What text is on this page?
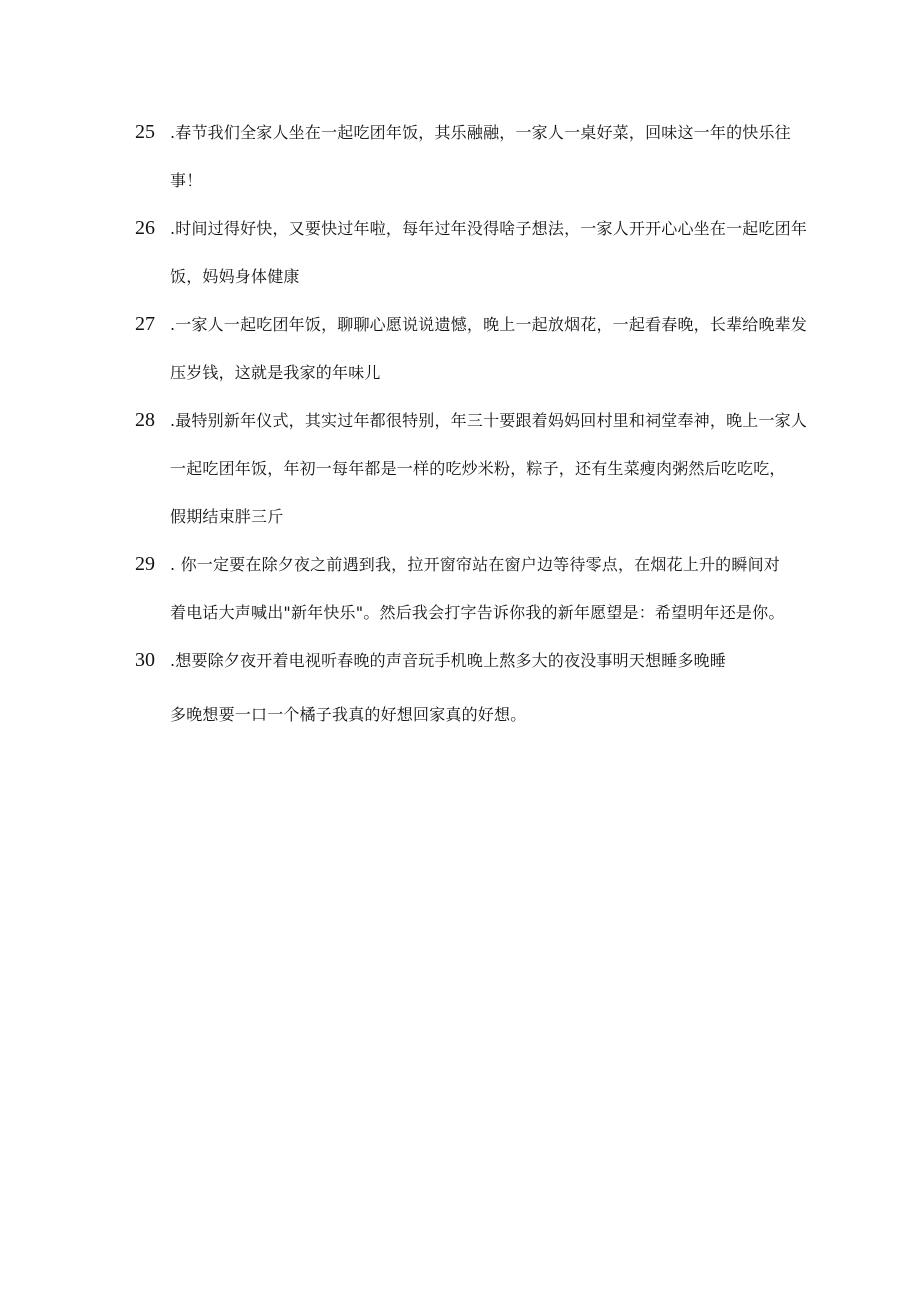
25 .春节我们全家人坐在一起吃团年饭，其乐融融，一家人一桌好菜，回味这一年的快乐往
事！
26 .时间过得好快，又要快过年啦，每年过年没得啥子想法，一家人开开心心坐在一起吃团年
饭，妈妈身体健康
27 .一家人一起吃团年饭，聊聊心愿说说遗憾，晚上一起放烟花，一起看春晚，长辈给晚辈发
压岁钱，这就是我家的年味儿
28 .最特别新年仪式，其实过年都很特别，年三十要跟着妈妈回村里和祠堂奉神，晚上一家人
一起吃团年饭，年初一每年都是一样的吃炒米粉，粽子，还有生菜瘦肉粥然后吃吃吃，
假期结束胖三斤
29 . 你一定要在除夕夜之前遇到我，拉开窗帘站在窗户边等待零点，在烟花上升的瞬间对
着电话大声喊出"新年快乐"。然后我会打字告诉你我的新年愿望是：希望明年还是你。
30 .想要除夕夜开着电视听春晚的声音玩手机晚上熬多大的夜没事明天想睡多晚睡
多晚想要一口一个橘子我真的好想回家真的好想。
